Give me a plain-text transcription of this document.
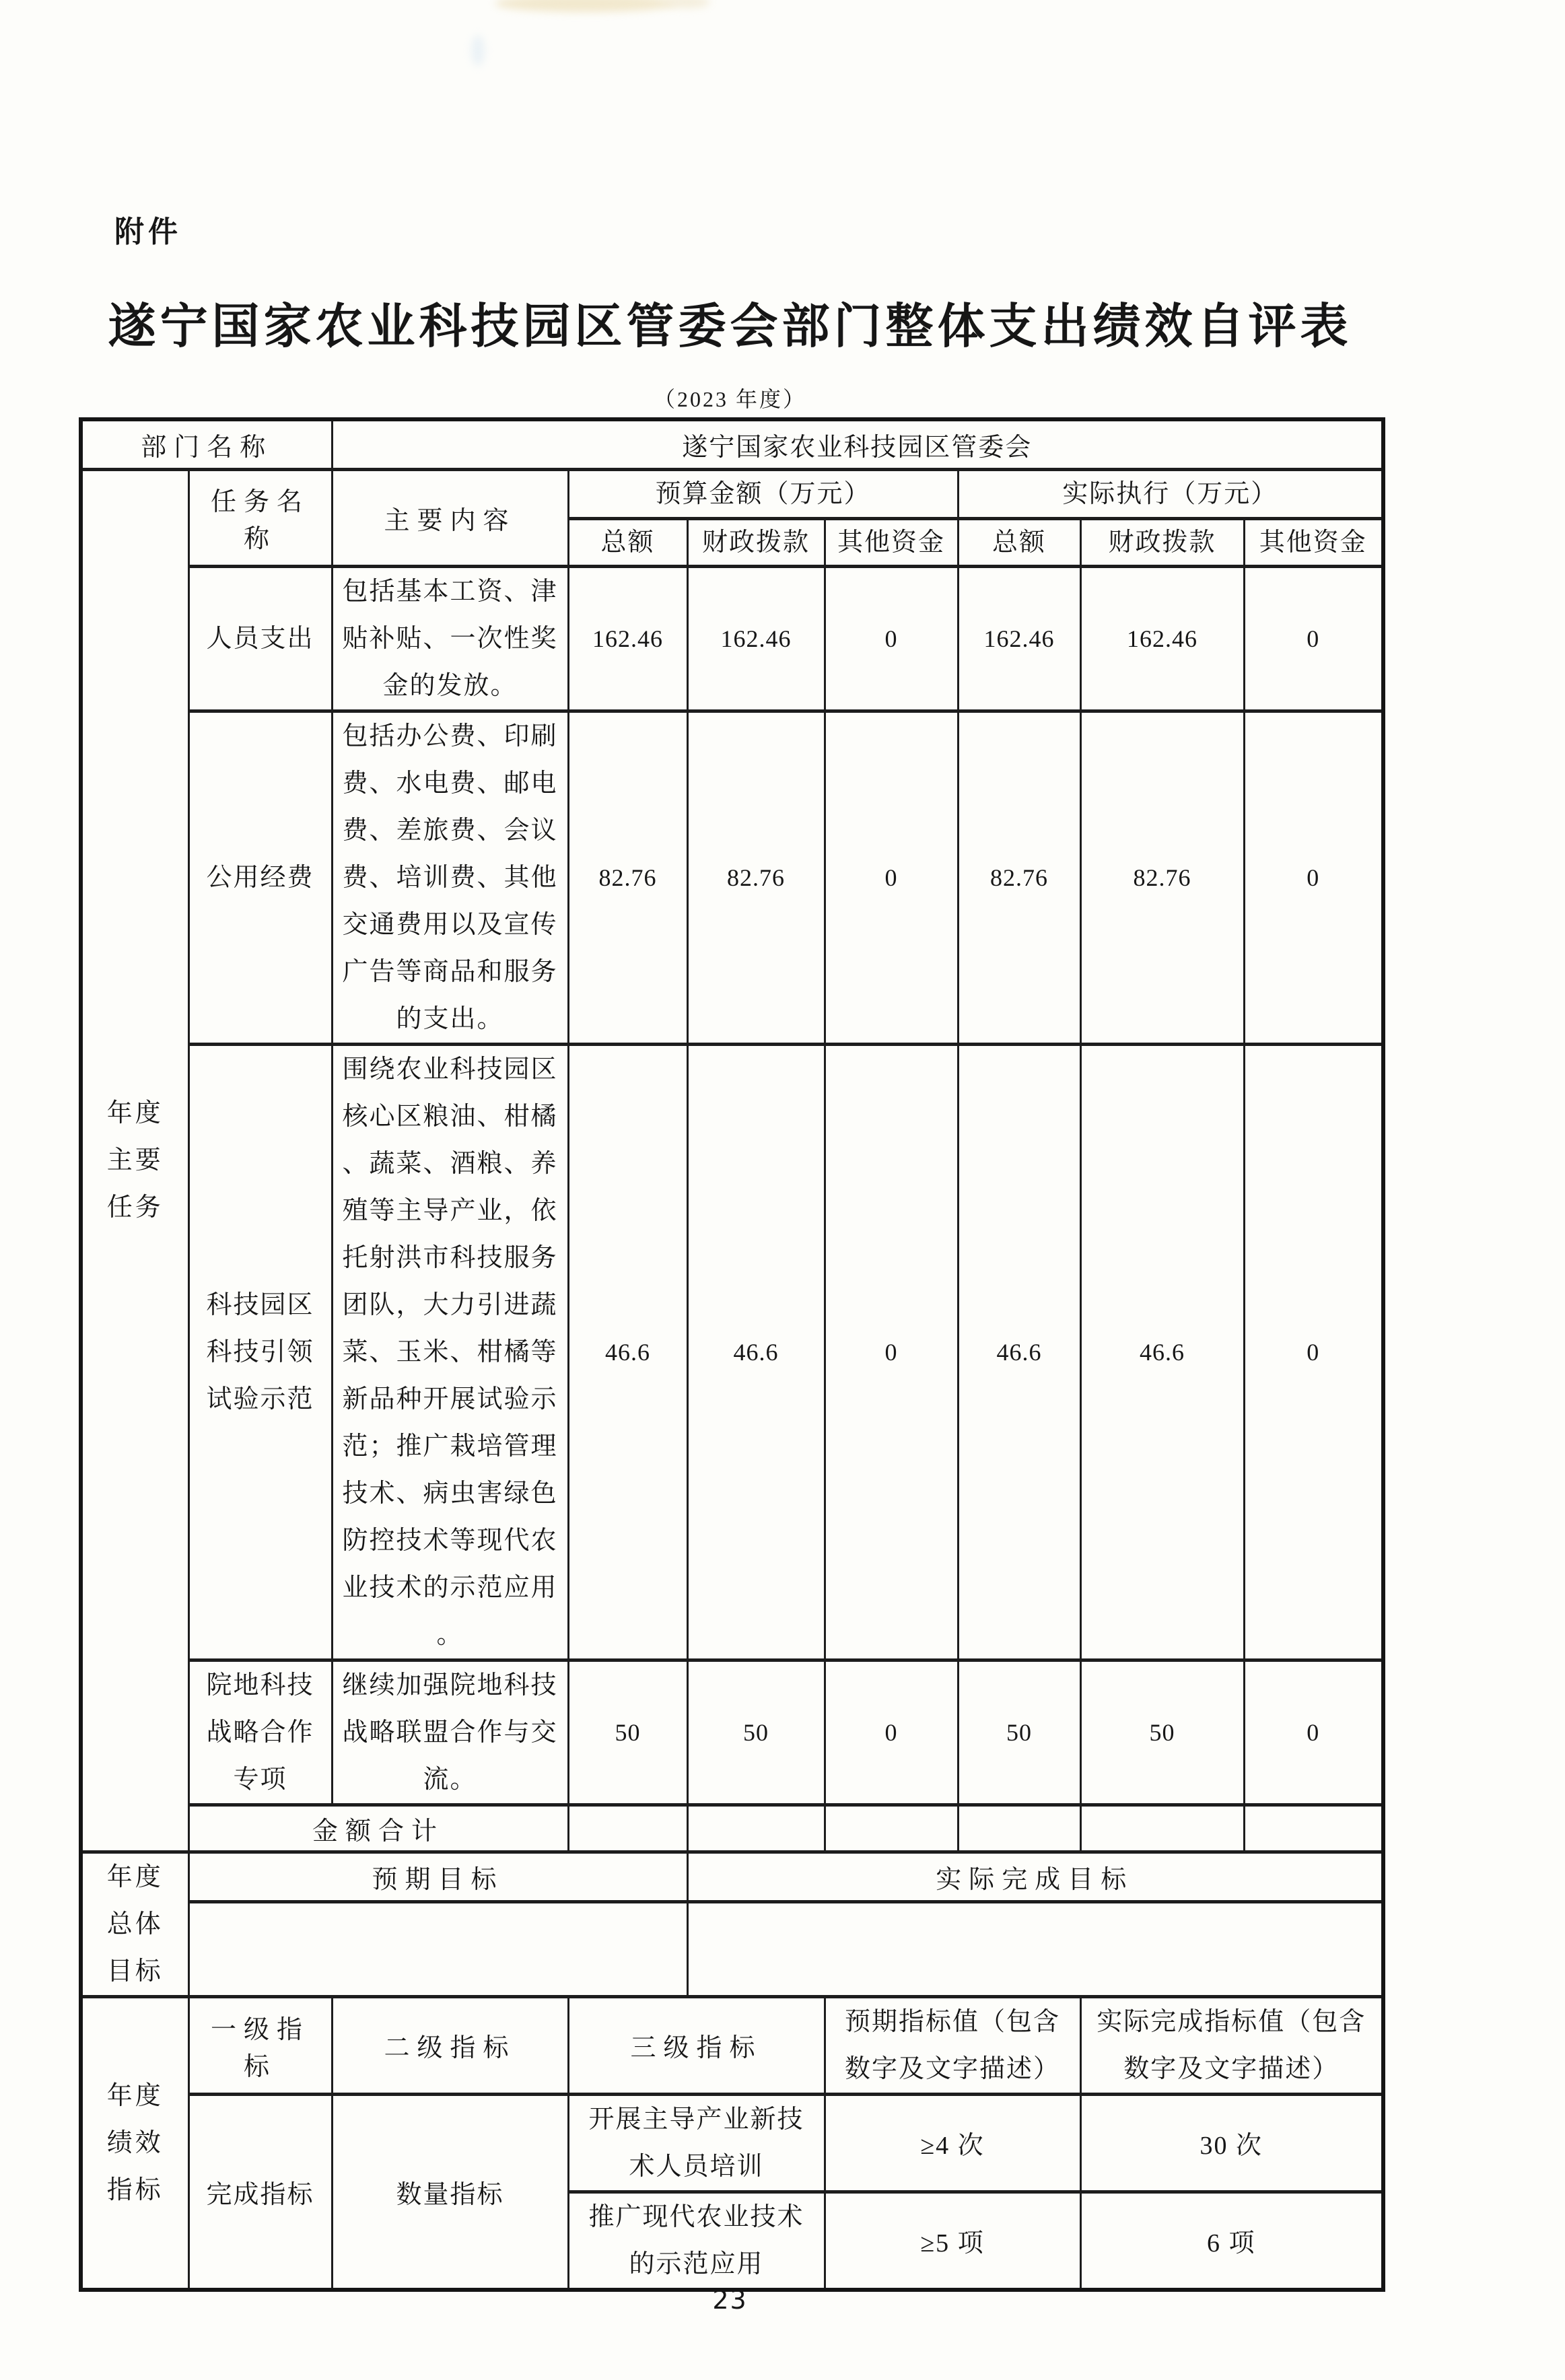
附件
遂宁国家农业科技园区管委会部门整体支出绩效自评表
（2023 年度）
部门名称		遂宁国家农业科技园区管委会						

年度主要任务	任务名称	主要内容	预算金额（万元）			实际执行（万元）		
			总额	财政拨款	其他资金	总额	财政拨款	其他资金
	人员支出	包括基本工资、津贴补贴、一次性奖金的发放。	162.46	162.46	0	162.46	162.46	0
	公用经费	包括办公费、印刷费、水电费、邮电费、差旅费、会议费、培训费、其他交通费用以及宣传广告等商品和服务的支出。	82.76	82.76	0	82.76	82.76	0
	科技园区科技引领试验示范	围绕农业科技园区核心区粮油、柑橘、蔬菜、酒粮、养殖等主导产业，依托射洪市科技服务团队，大力引进蔬菜、玉米、柑橘等新品种开展试验示范；推广栽培管理技术、病虫害绿色防控技术等现代农业技术的示范应用。	46.6	46.6	0	46.6	46.6	0
	院地科技战略合作专项	继续加强院地科技战略联盟合作与交流。	50	50	0	50	50	0
	金额合计							

年度总体目标	预期目标			实际完成目标				

年度绩效指标	一级指标	二级指标	三级指标		预期指标值（包含数字及文字描述）		实际完成指标值（包含数字及文字描述）	
	完成指标	数量指标	开展主导产业新技术人员培训		≥4 次		30 次	
			推广现代农业技术的示范应用		≥5 项		6 项	
23
